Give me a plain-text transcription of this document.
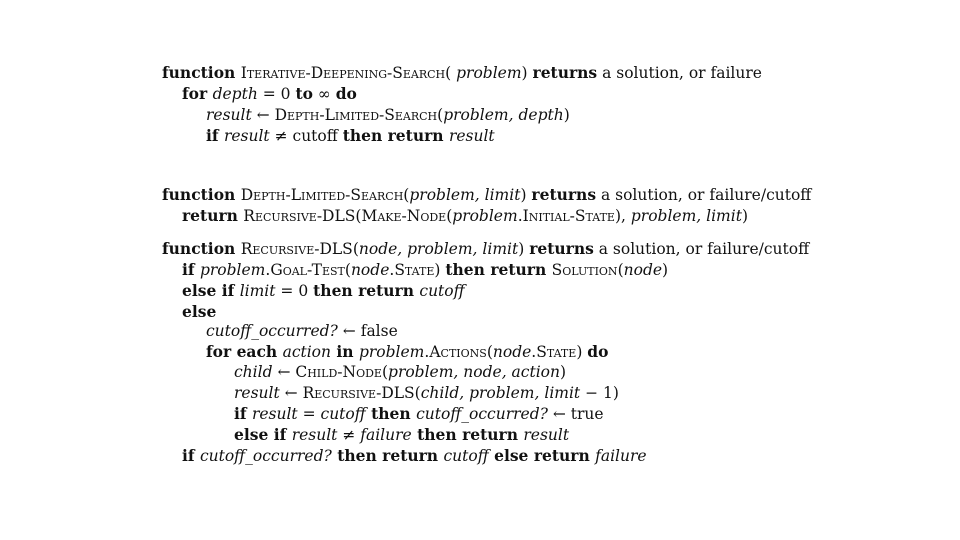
function Iterative-Deepening-Search( problem) returns a solution, or failure
for depth = 0 to ∞ do
result ← Depth-Limited-Search(problem, depth)
if result ≠ cutoff then return result
function Depth-Limited-Search(problem, limit) returns a solution, or failure/cutoff
return Recursive-DLS(Make-Node(problem.Initial-State), problem, limit)
function Recursive-DLS(node, problem, limit) returns a solution, or failure/cutoff
if problem.Goal-Test(node.State) then return Solution(node)
else if limit = 0 then return cutoff
else
cutoff_occurred? ← false
for each action in problem.Actions(node.State) do
child ← Child-Node(problem, node, action)
result ← Recursive-DLS(child, problem, limit − 1)
if result = cutoff then cutoff_occurred? ← true
else if result ≠ failure then return result
if cutoff_occurred? then return cutoff else return failure
